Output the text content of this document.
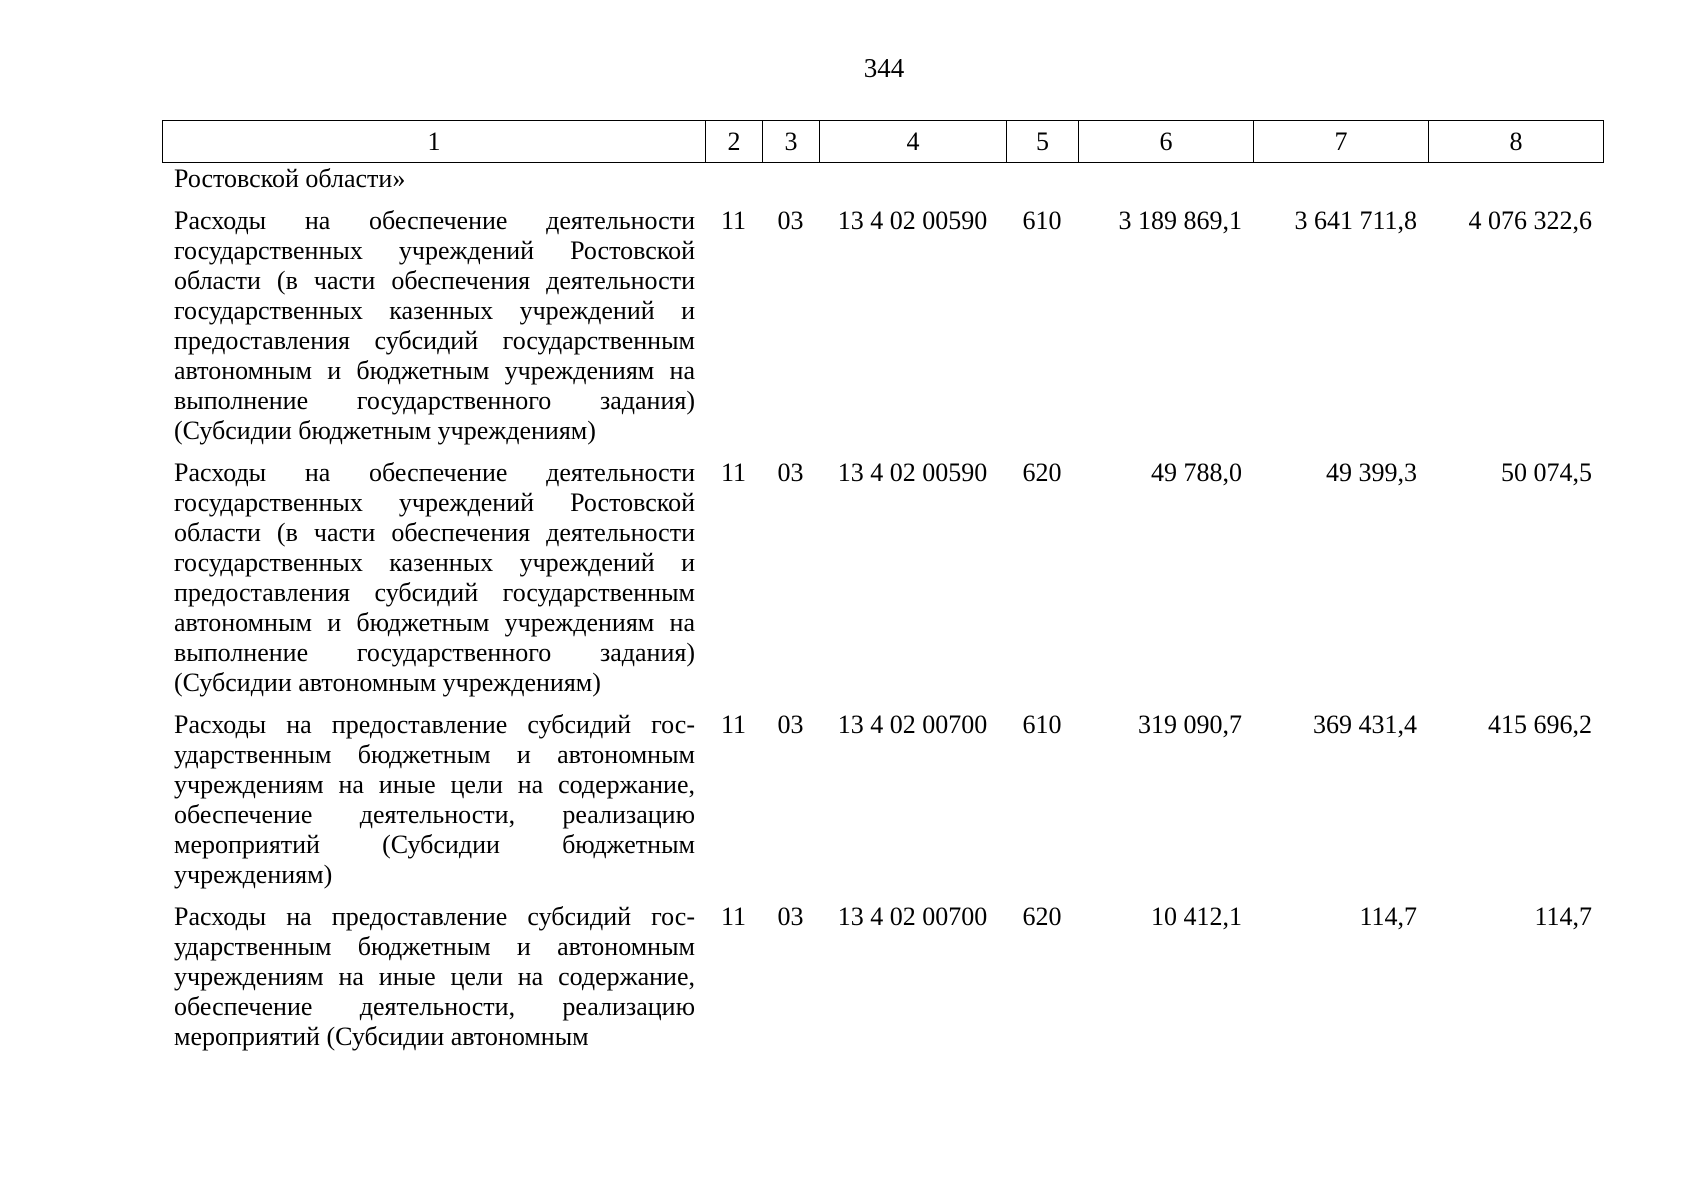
344
1	2	3	4	5	6	7	8
Ростовской области»							
Расходы на обеспечение деятельности государственных учреждений Ростовской области (в части обеспечения деятельности государственных казенных учреждений и предоставления субсидий государственным автономным и бюджетным учреждениям на выполнение государственного задания) (Субсидии бюджетным учреждениям)	11	03	13 4 02 00590	610	3 189 869,1	3 641 711,8	4 076 322,6
Расходы на обеспечение деятельности государственных учреждений Ростовской области (в части обеспечения деятельности государственных казенных учреждений и предоставления субсидий государственным автономным и бюджетным учреждениям на выполнение государственного задания) (Субсидии автономным учреждениям)	11	03	13 4 02 00590	620	49 788,0	49 399,3	50 074,5
Расходы на предоставление субсидий государственным бюджетным и автономным учреждениям на иные цели на содержание, обеспечение деятельности, реализацию мероприятий (Субсидии бюджетным учреждениям)	11	03	13 4 02 00700	610	319 090,7	369 431,4	415 696,2
Расходы на предоставление субсидий государственным бюджетным и автономным учреждениям на иные цели на содержание, обеспечение деятельности, реализацию мероприятий (Субсидии автономным	11	03	13 4 02 00700	620	10 412,1	114,7	114,7
